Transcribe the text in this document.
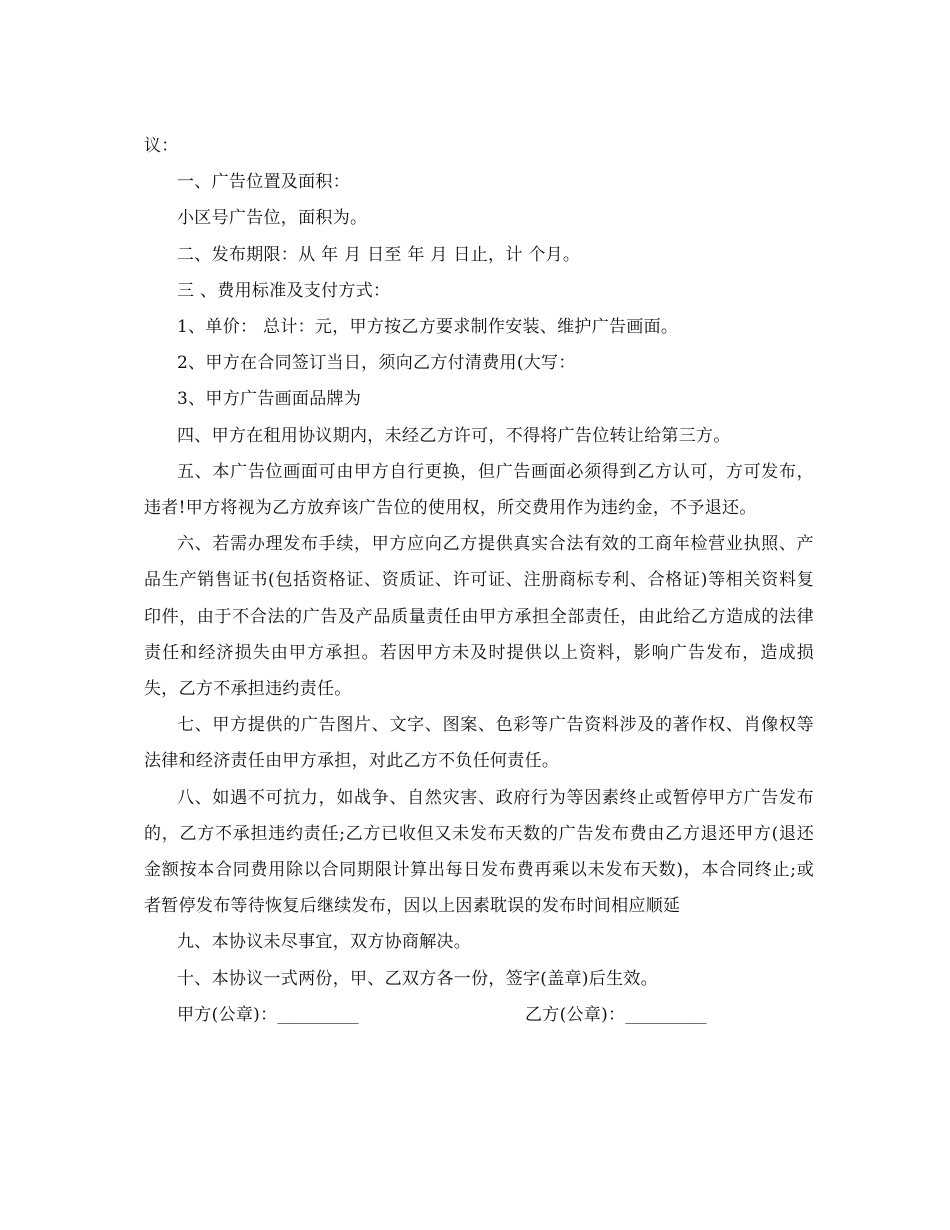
议：

一、广告位置及面积：

小区号广告位，面积为。

二、发布期限：从 年 月 日至 年 月 日止，计 个月。

三 、费用标准及支付方式：

1、单价： 总计：元，甲方按乙方要求制作安装、维护广告画面。

2、甲方在合同签订当日，须向乙方付清费用(大写：

3、甲方广告画面品牌为

四、甲方在租用协议期内，未经乙方许可，不得将广告位转让给第三方。

五、本广告位画面可由甲方自行更换，但广告画面必须得到乙方认可，方可发布，违者!甲方将视为乙方放弃该广告位的使用权，所交费用作为违约金，不予退还。

六、若需办理发布手续，甲方应向乙方提供真实合法有效的工商年检营业执照、产品生产销售证书(包括资格证、资质证、许可证、注册商标专利、合格证)等相关资料复印件，由于不合法的广告及产品质量责任由甲方承担全部责任，由此给乙方造成的法律责任和经济损失由甲方承担。若因甲方未及时提供以上资料，影响广告发布，造成损失，乙方不承担违约责任。

七、甲方提供的广告图片、文字、图案、色彩等广告资料涉及的著作权、肖像权等法律和经济责任由甲方承担，对此乙方不负任何责任。

八、如遇不可抗力，如战争、自然灾害、政府行为等因素终止或暂停甲方广告发布的，乙方不承担违约责任;乙方已收但又未发布天数的广告发布费由乙方退还甲方(退还金额按本合同费用除以合同期限计算出每日发布费再乘以未发布天数)，本合同终止;或者暂停发布等待恢复后继续发布，因以上因素耽误的发布时间相应顺延

九、本协议未尽事宜，双方协商解决。

十、本协议一式两份，甲、乙双方各一份，签字(盖章)后生效。

甲方(公章)：_________	乙方(公章)：_________
